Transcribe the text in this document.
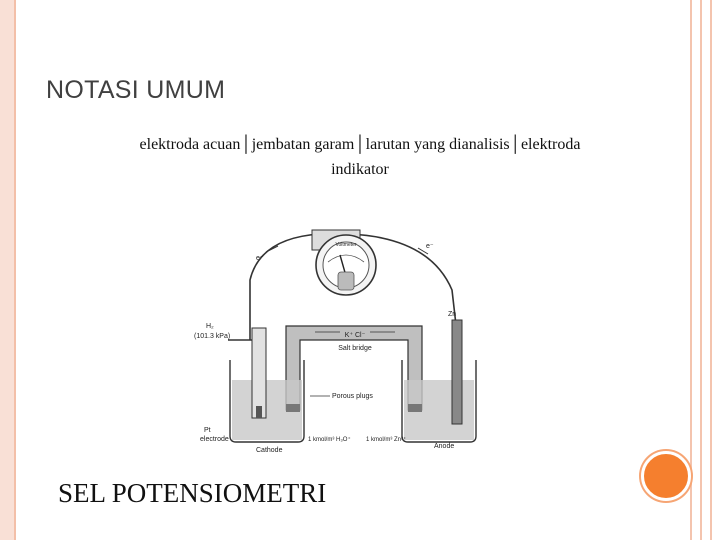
NOTASI UMUM
elektroda acuan│jembatan garam│larutan yang dianalisis│elektroda
indikator
Voltmeter
e⁻
e⁻
K⁺ Cl⁻
Salt bridge
H₂
(101.3 kPa)
Zn
Porous plugs
Pt
electrode
Cathode
Anode
1 kmol/m³ H₃O⁺	1 kmol/m³ Zn²⁺
SEL POTENSIOMETRI
